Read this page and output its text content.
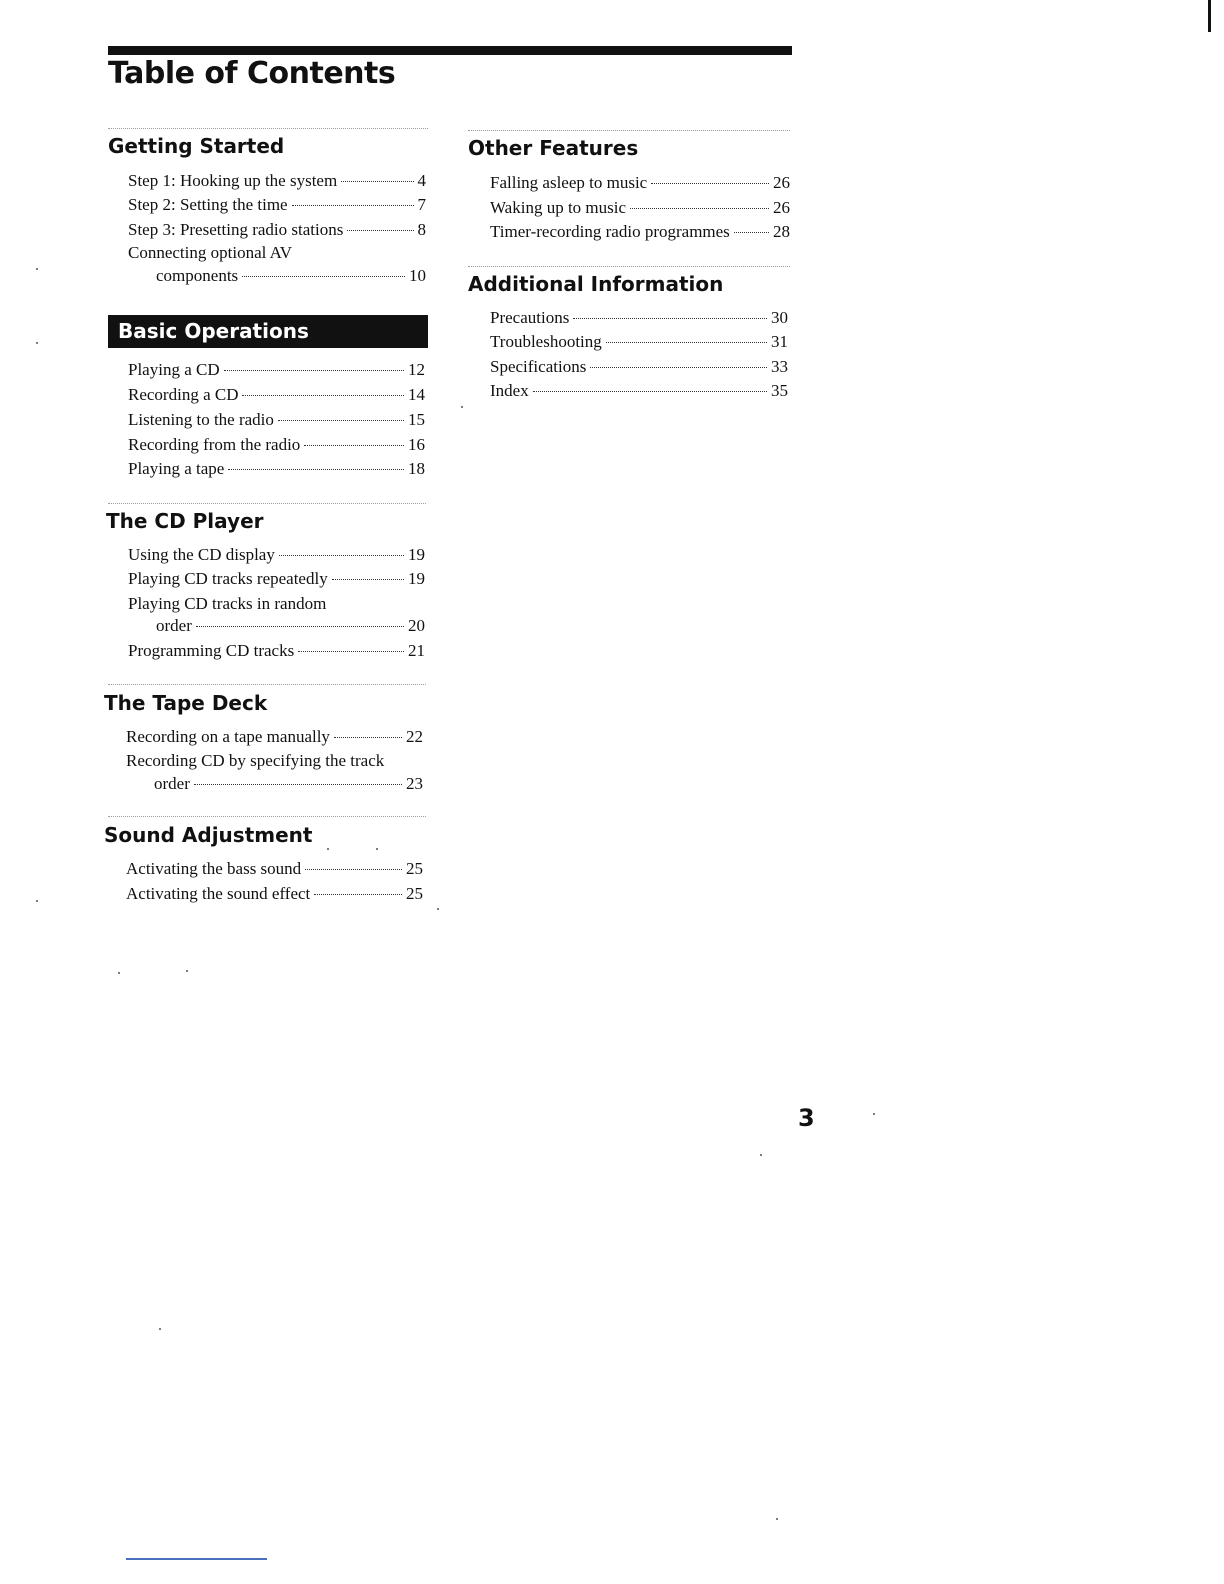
Table of Contents
Getting Started
Step 1: Hooking up the system	4
Step 2: Setting the time	7
Step 3: Presetting radio stations	8
Connecting optional AV
components	10
Basic Operations
Playing a CD	12
Recording a CD	14
Listening to the radio	15
Recording from the radio	16
Playing a tape	18
The CD Player
Using the CD display	19
Playing CD tracks repeatedly	19
Playing CD tracks in random
order	20
Programming CD tracks	21
The Tape Deck
Recording on a tape manually	22
Recording CD by specifying the track
order	23
Sound Adjustment
Activating the bass sound	25
Activating the sound effect	25
Other Features
Falling asleep to music	26
Waking up to music	26
Timer-recording radio programmes	28
Additional Information
Precautions	30
Troubleshooting	31
Specifications	33
Index	35
3
